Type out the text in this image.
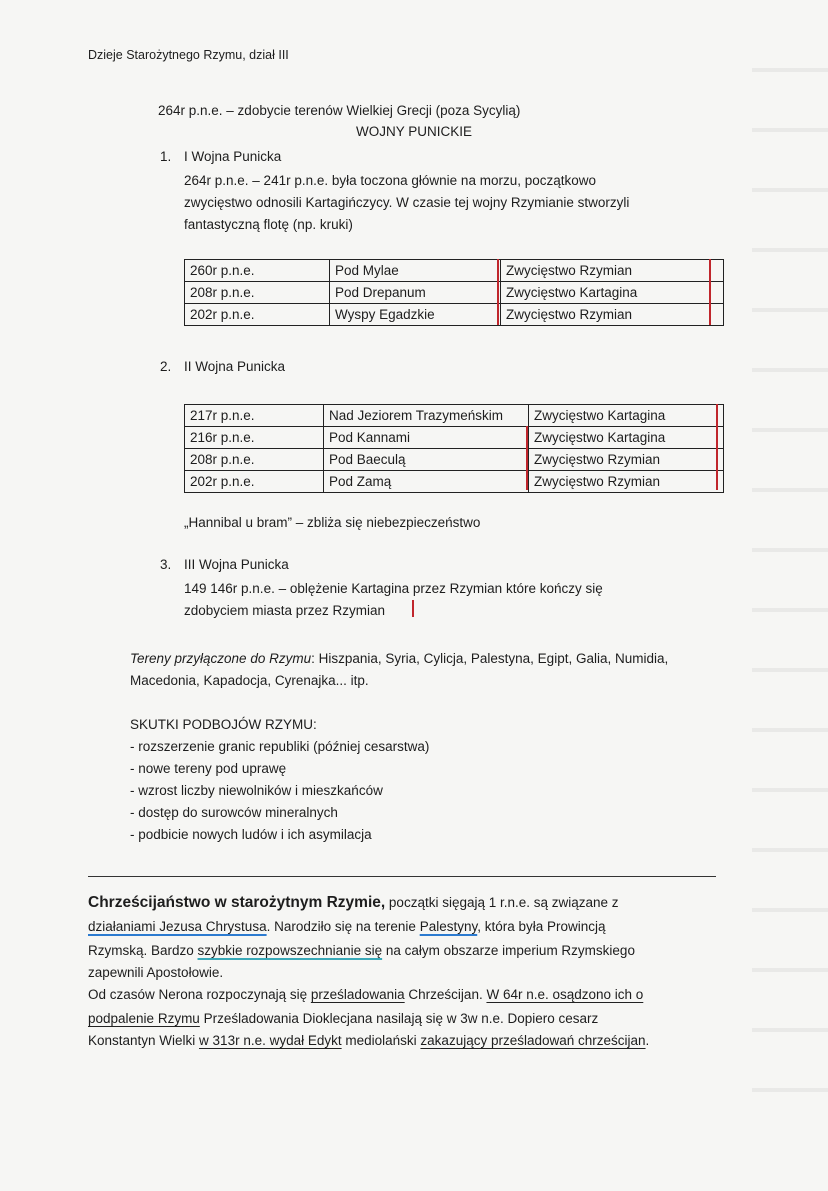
Dzieje Starożytnego Rzymu, dział III
264r p.n.e. – zdobycie terenów Wielkiej Grecji (poza Sycylią)
WOJNY PUNICKIE
1. I Wojna Punicka
264r p.n.e. – 241r p.n.e. była toczona głównie na morzu, początkowo
zwycięstwo odnosili Kartagińczycy. W czasie tej wojny Rzymianie stworzyli
fantastyczną flotę (np. kruki)
260r p.n.e.	Pod Mylae	Zwycięstwo Rzymian
208r p.n.e.	Pod Drepanum	Zwycięstwo Kartagina
202r p.n.e.	Wyspy Egadzkie	Zwycięstwo Rzymian
2. II Wojna Punicka
217r p.n.e.	Nad Jeziorem Trazymeńskim	Zwycięstwo Kartagina
216r p.n.e.	Pod Kannami	Zwycięstwo Kartagina
208r p.n.e.	Pod Baeculą	Zwycięstwo Rzymian
202r p.n.e.	Pod Zamą	Zwycięstwo Rzymian
„Hannibal u bram” – zbliża się niebezpieczeństwo
3. III Wojna Punicka
149 146r p.n.e. – oblężenie Kartagina przez Rzymian które kończy się
zdobyciem miasta przez Rzymian
Tereny przyłączone do Rzymu: Hiszpania, Syria, Cylicja, Palestyna, Egipt, Galia, Numidia,
Macedonia, Kapadocja, Cyrenajka... itp.
SKUTKI PODBOJÓW RZYMU:
- rozszerzenie granic republiki (później cesarstwa)
- nowe tereny pod uprawę
- wzrost liczby niewolników i mieszkańców
- dostęp do surowców mineralnych
- podbicie nowych ludów i ich asymilacja
Chrześcijaństwo w starożytnym Rzymie, początki sięgają 1 r.n.e. są związane z
działaniami Jezusa Chrystusa. Narodziło się na terenie Palestyny, która była Prowincją
Rzymską. Bardzo szybkie rozpowszechnianie się na całym obszarze imperium Rzymskiego
zapewnili Apostołowie.
Od czasów Nerona rozpoczynają się prześladowania Chrześcijan. W 64r n.e. osądzono ich o
podpalenie Rzymu Prześladowania Dioklecjana nasilają się w 3w n.e. Dopiero cesarz
Konstantyn Wielki w 313r n.e. wydał Edykt mediolański zakazujący prześladowań chrześcijan.
